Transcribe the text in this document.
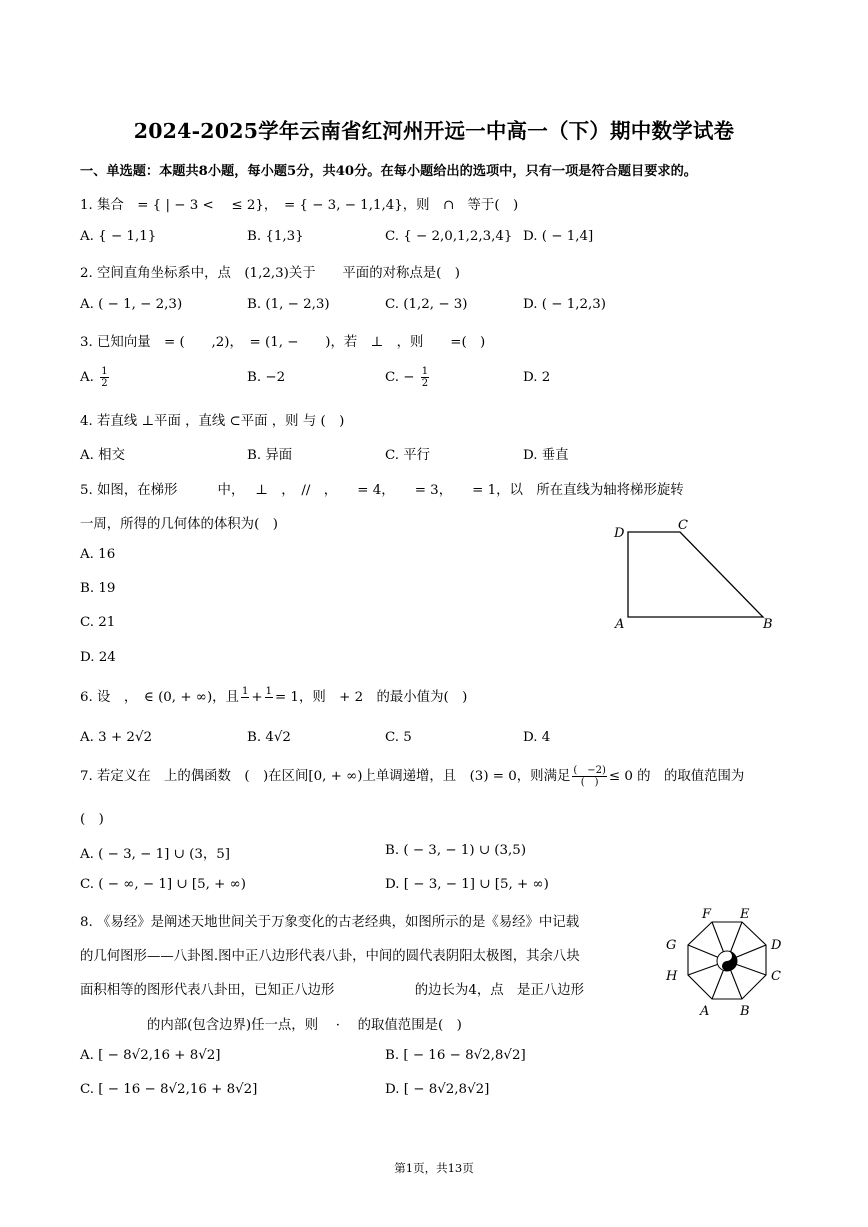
2024-2025学年云南省红河州开远一中高一（下）期中数学试卷
一、单选题：本题共8小题，每小题5分，共40分。在每小题给出的选项中，只有一项是符合题目要求的。
1. 集合　= { | − 3 <　 ≤ 2}，　= { − 3, − 1,1,4}，则　∩　等于(　)
A. { − 1,1}	B. {1,3}	C. { − 2,0,1,2,3,4} D. ( − 1,4]
2. 空间直角坐标系中，点　(1,2,3)关于　　平面的对称点是(　)
A. ( − 1, − 2,3)	B. (1, − 2,3)	C. (1,2, − 3)	D. ( − 1,2,3)
3. 已知向量　= (　　,2)，　= (1, −　　)，若　⊥　，则　　=(　)
A. $\frac{1}{2}$	B. −2	C. − $\frac{1}{2}$	D. 2
4. 若直线 ⊥平面 ，直线 ⊂平面 ，则 与 (　)
A. 相交	B. 异面	C. 平行	D. 垂直
5. 如图，在梯形　　　中，　 ⊥　，　//　，　　= 4，　　= 3，　　= 1，以　所在直线为轴将梯形旋转
一周，所得的几何体的体积为(　)
A. 16
B. 19
C. 21
D. 24
D
C
A	B
6. 设　，　∈ (0, + ∞)，且 1
+ 1
= 1，则　+ 2　的最小值为(　)
A. 3 + 2√2	B. 4√2	C. 5	D. 4
7. 若定义在　上的偶函数　(　)在区间[0, + ∞)上单调递增，且　(3) = 0，则满足 $\frac{( -2)}{( )} \le 0$ 的　的取值范围为
(　)
A. ( − 3, − 1] ∪ (3，5]	B. ( − 3, − 1) ∪ (3,5)
C. ( − ∞, − 1] ∪ [5, + ∞)	D. [ − 3, − 1] ∪ [5, + ∞)
8. 《易经》是阐述天地世间关于万象变化的古老经典，如图所示的是《易经》中记载
的几何图形——八卦图.图中正八边形代表八卦，中间的圆代表阴阳太极图，其余八块
面积相等的图形代表八卦田，已知正八边形　　　　　　的边长为4，点　是正八边形
　　　　　的内部(包含边界)任一点，则　 ·　 的取值范围是(　)
A. [ − 8√2,16 + 8√2]	B. [ − 16 − 8√2,8√2]
C. [ − 16 − 8√2,16 + 8√2]	D. [ − 8√2,8√2]
F E
G	D
H	C
A B
第1页，共13页
